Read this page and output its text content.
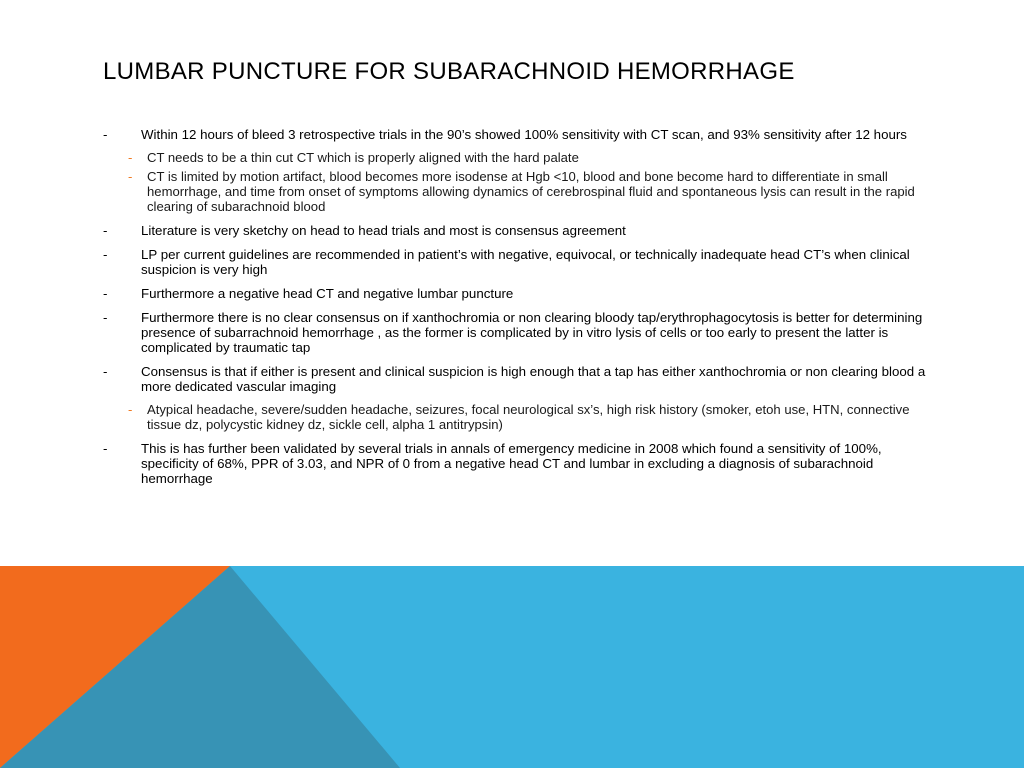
LUMBAR PUNCTURE FOR SUBARACHNOID HEMORRHAGE
-	Within 12 hours of bleed 3 retrospective trials in the 90’s showed 100% sensitivity with CT scan, and 93% sensitivity after 12 hours
- CT needs to be a thin cut CT which is properly aligned with the hard palate
- CT is limited by motion artifact, blood becomes more isodense at Hgb <10, blood and bone become hard to differentiate in small hemorrhage, and time from onset of symptoms allowing dynamics of cerebrospinal fluid and spontaneous lysis can result in the rapid clearing of subarachnoid blood
-	Literature is very sketchy on head to head trials and most is consensus agreement
-	LP per current guidelines are recommended in patient’s with negative, equivocal, or technically inadequate head CT’s when clinical suspicion is very high
-	Furthermore a negative head CT and negative lumbar puncture
-	Furthermore there is no clear consensus on if xanthochromia or non clearing bloody tap/erythrophagocytosis is better for determining presence of subarrachnoid hemorrhage , as the former is complicated by in vitro lysis of cells or too early to present the latter is complicated by traumatic tap
-	Consensus is that if either is present and clinical suspicion is high enough that a tap has either xanthochromia or non clearing blood a more dedicated vascular imaging
- Atypical headache, severe/sudden headache, seizures, focal neurological sx’s, high risk history (smoker, etoh use, HTN, connective tissue dz, polycystic kidney dz, sickle cell, alpha 1 antitrypsin)
-	This is has further been validated by several trials in annals of emergency medicine in 2008 which found a sensitivity of 100%, specificity of 68%, PPR of 3.03, and NPR of 0 from a negative head CT and lumbar in excluding a diagnosis of subarachnoid hemorrhage
